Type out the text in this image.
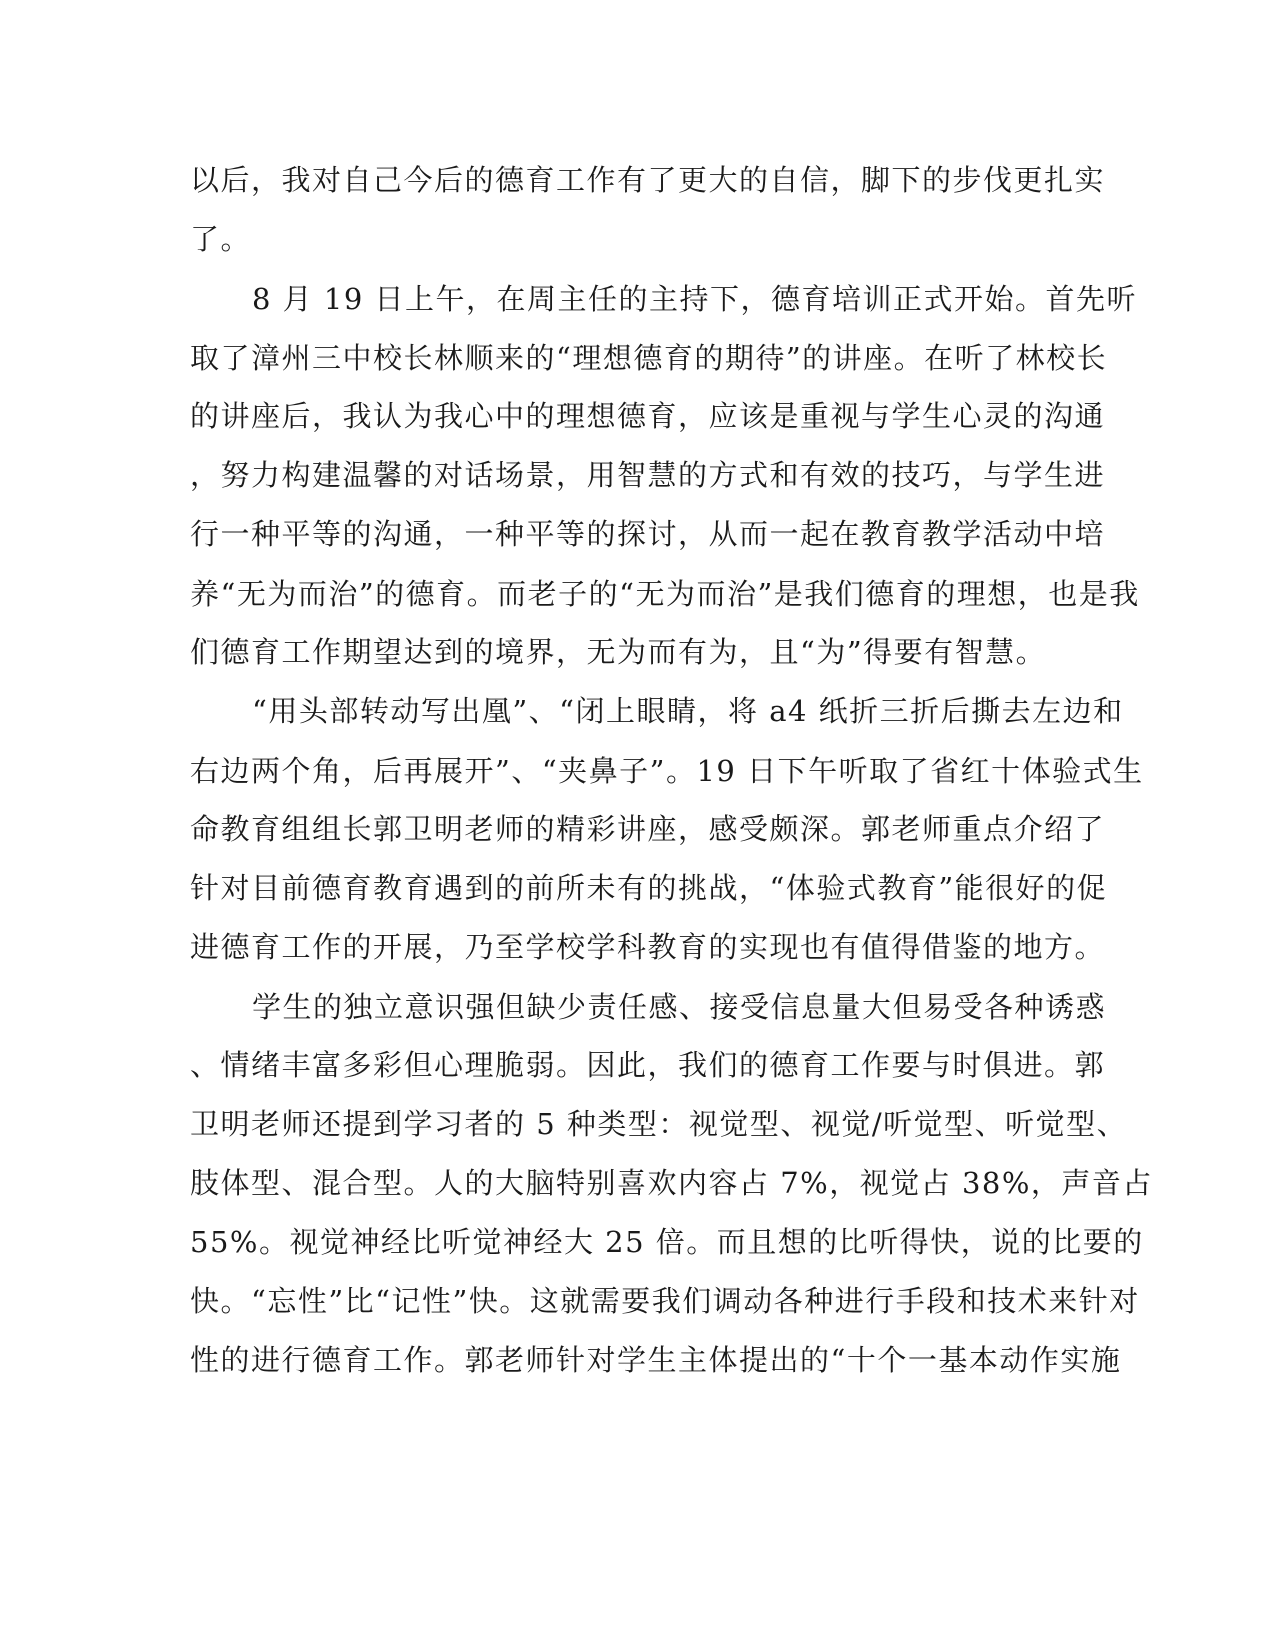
以后，我对自己今后的德育工作有了更大的自信，脚下的步伐更扎实
了。
8 月 19 日上午，在周主任的主持下，德育培训正式开始。首先听
取了漳州三中校长林顺来的“理想德育的期待”的讲座。在听了林校长
的讲座后，我认为我心中的理想德育，应该是重视与学生心灵的沟通
，努力构建温馨的对话场景，用智慧的方式和有效的技巧，与学生进
行一种平等的沟通，一种平等的探讨，从而一起在教育教学活动中培
养“无为而治”的德育。而老子的“无为而治”是我们德育的理想，也是我
们德育工作期望达到的境界，无为而有为，且“为”得要有智慧。
“用头部转动写出凰”、“闭上眼睛，将 a4 纸折三折后撕去左边和
右边两个角，后再展开”、“夹鼻子”。19 日下午听取了省红十体验式生
命教育组组长郭卫明老师的精彩讲座，感受颇深。郭老师重点介绍了
针对目前德育教育遇到的前所未有的挑战，“体验式教育”能很好的促
进德育工作的开展，乃至学校学科教育的实现也有值得借鉴的地方。
学生的独立意识强但缺少责任感、接受信息量大但易受各种诱惑
、情绪丰富多彩但心理脆弱。因此，我们的德育工作要与时俱进。郭
卫明老师还提到学习者的 5 种类型：视觉型、视觉/听觉型、听觉型、
肢体型、混合型。人的大脑特别喜欢内容占 7%，视觉占 38%，声音占
55%。视觉神经比听觉神经大 25 倍。而且想的比听得快，说的比要的
快。“忘性”比“记性”快。这就需要我们调动各种进行手段和技术来针对
性的进行德育工作。郭老师针对学生主体提出的“十个一基本动作实施
